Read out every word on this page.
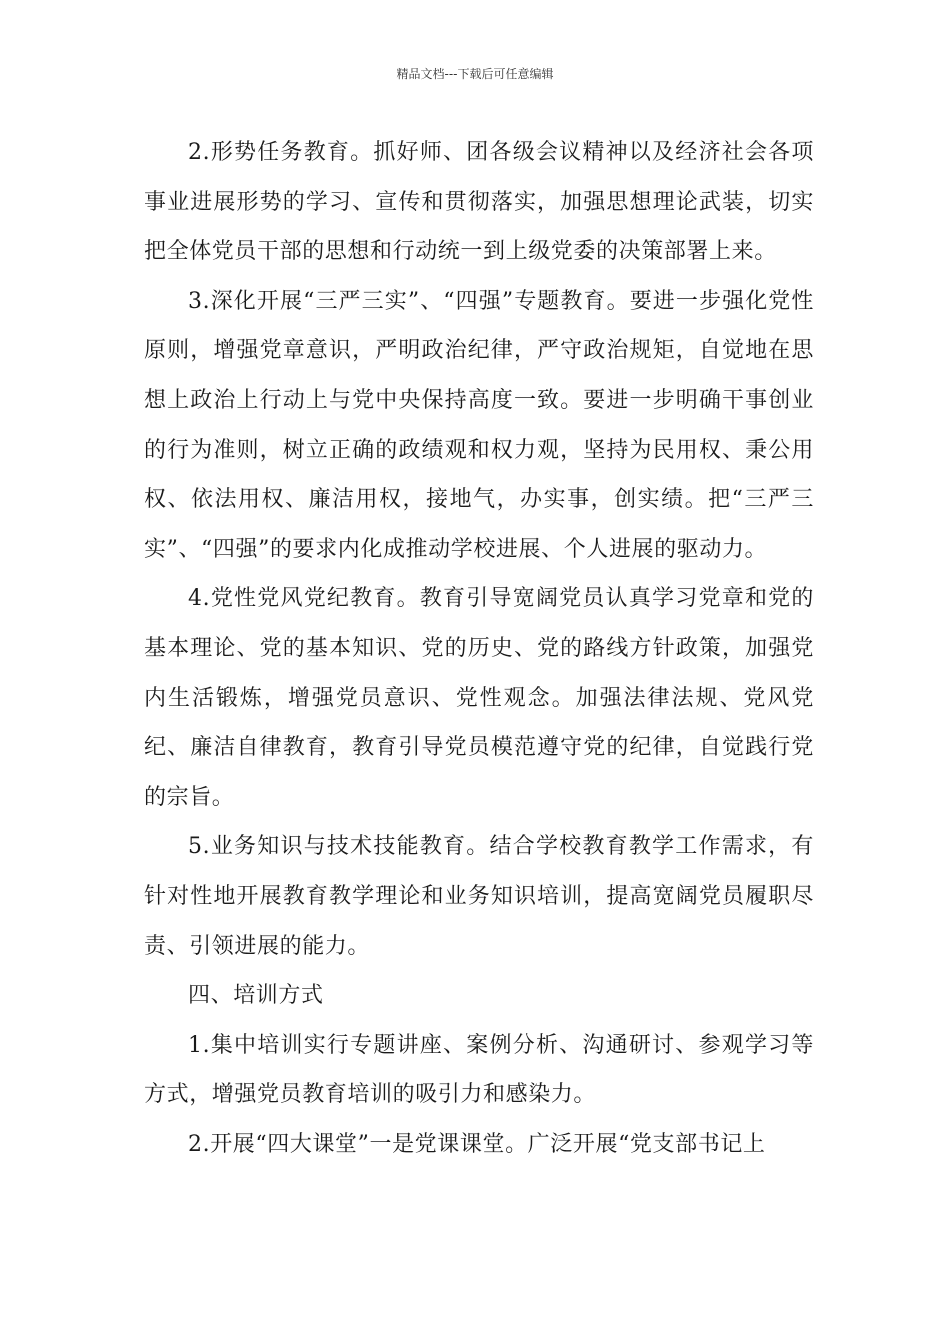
精品文档---下载后可任意编辑

2.形势任务教育。抓好师、团各级会议精神以及经济社会各项事业进展形势的学习、宣传和贯彻落实，加强思想理论武装，切实把全体党员干部的思想和行动统一到上级党委的决策部署上来。

3.深化开展“三严三实”、“四强”专题教育。要进一步强化党性原则，增强党章意识，严明政治纪律，严守政治规矩，自觉地在思想上政治上行动上与党中央保持高度一致。要进一步明确干事创业的行为准则，树立正确的政绩观和权力观，坚持为民用权、秉公用权、依法用权、廉洁用权，接地气，办实事，创实绩。把“三严三实”、“四强”的要求内化成推动学校进展、个人进展的驱动力。

4.党性党风党纪教育。教育引导宽阔党员认真学习党章和党的基本理论、党的基本知识、党的历史、党的路线方针政策，加强党内生活锻炼，增强党员意识、党性观念。加强法律法规、党风党纪、廉洁自律教育，教育引导党员模范遵守党的纪律，自觉践行党的宗旨。

5.业务知识与技术技能教育。结合学校教育教学工作需求，有针对性地开展教育教学理论和业务知识培训，提高宽阔党员履职尽责、引领进展的能力。

四、培训方式

1.集中培训实行专题讲座、案例分析、沟通研讨、参观学习等方式，增强党员教育培训的吸引力和感染力。

2.开展“四大课堂”一是党课课堂。广泛开展“党支部书记上
